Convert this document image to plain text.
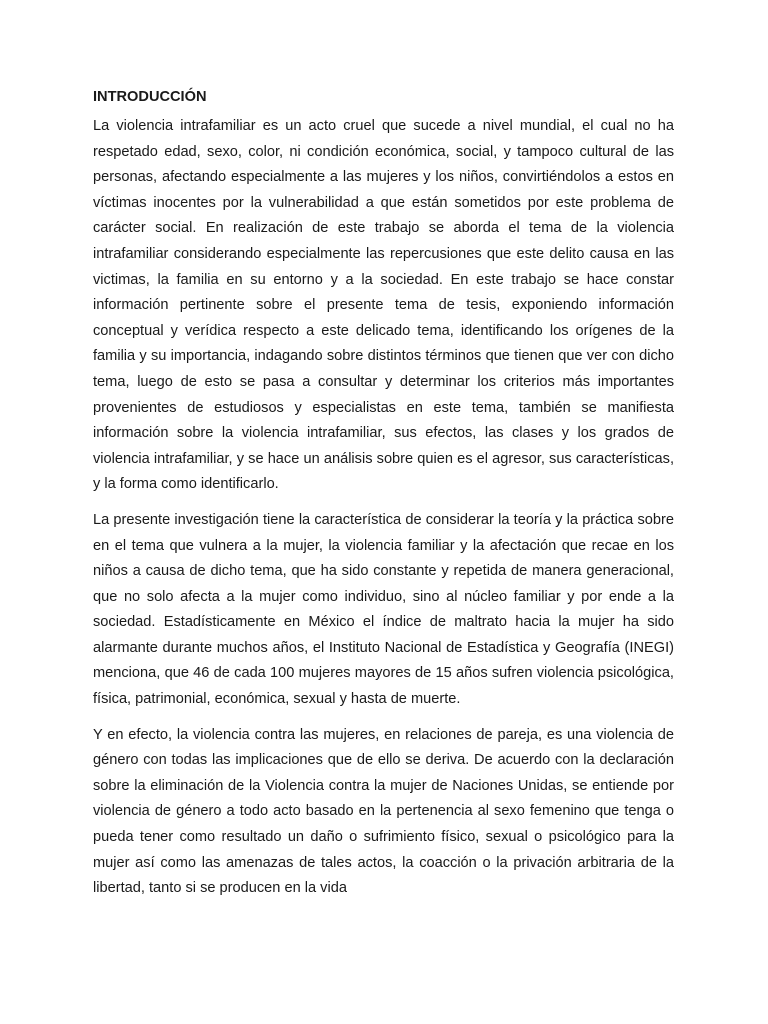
INTRODUCCIÓN

La violencia intrafamiliar es un acto cruel que sucede a nivel mundial, el cual no ha respetado edad, sexo, color, ni condición económica, social, y tampoco cultural de las personas, afectando especialmente a las mujeres y los niños, convirtiéndolos a estos en víctimas inocentes por la vulnerabilidad a que están sometidos por este problema de carácter social. En realización de este trabajo se aborda el tema de la violencia intrafamiliar considerando especialmente las repercusiones que este delito causa en las victimas, la familia en su entorno y a la sociedad. En este trabajo se hace constar información pertinente sobre el presente tema de tesis, exponiendo información conceptual y verídica respecto a este delicado tema, identificando los orígenes de la familia y su importancia, indagando sobre distintos términos que tienen que ver con dicho tema, luego de esto se pasa a consultar y determinar los criterios más importantes provenientes de estudiosos y especialistas en este tema, también se manifiesta información sobre la violencia intrafamiliar, sus efectos, las clases y los grados de violencia intrafamiliar, y se hace un análisis sobre quien es el agresor, sus características, y la forma como identificarlo.

La presente investigación tiene la característica de considerar la teoría y la práctica sobre en el tema que vulnera a la mujer, la violencia familiar y la afectación que recae en los niños a causa de dicho tema, que ha sido constante y repetida de manera generacional, que no solo afecta a la mujer como individuo, sino al núcleo familiar y por ende a la sociedad. Estadísticamente en México el índice de maltrato hacia la mujer ha sido alarmante durante muchos años, el Instituto Nacional de Estadística y Geografía (INEGI) menciona, que 46 de cada 100 mujeres mayores de 15 años sufren violencia psicológica, física, patrimonial, económica, sexual y hasta de muerte.

Y en efecto, la violencia contra las mujeres, en relaciones de pareja, es una violencia de género con todas las implicaciones que de ello se deriva. De acuerdo con la declaración sobre la eliminación de la Violencia contra la mujer de Naciones Unidas, se entiende por violencia de género a todo acto basado en la pertenencia al sexo femenino que tenga o pueda tener como resultado un daño o sufrimiento físico, sexual o psicológico para la mujer así como las amenazas de tales actos, la coacción o la privación arbitraria de la libertad, tanto si se producen en la vida
